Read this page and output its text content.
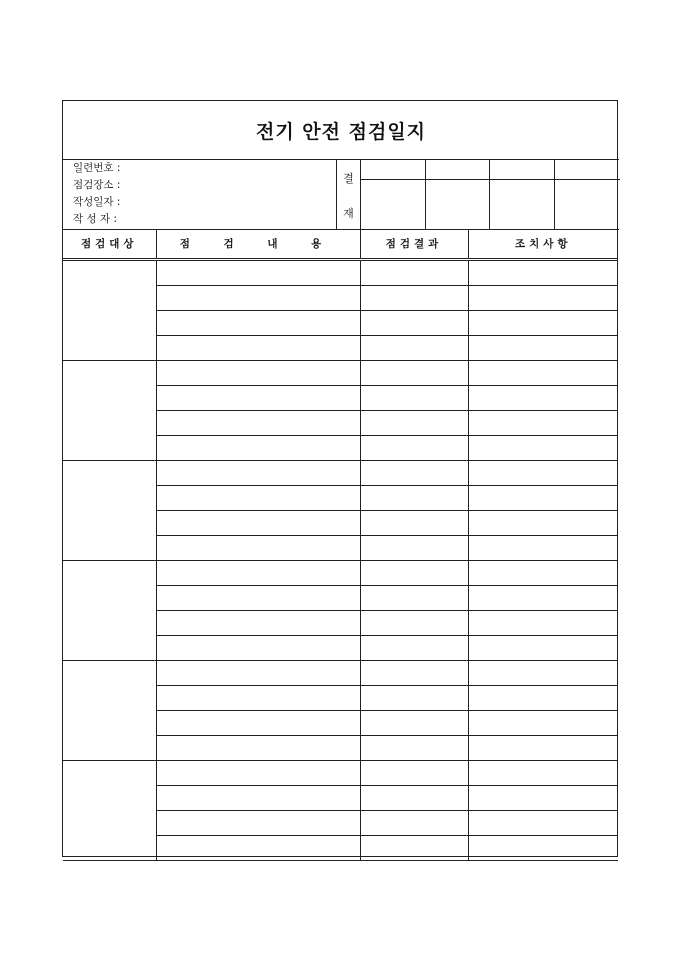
전기 안전 점검일지
일련번호 :
점검장소 :
작성일자 :
작 성 자 :
결
재
점검대상	점 검 내 용	점검결과	조치사항
